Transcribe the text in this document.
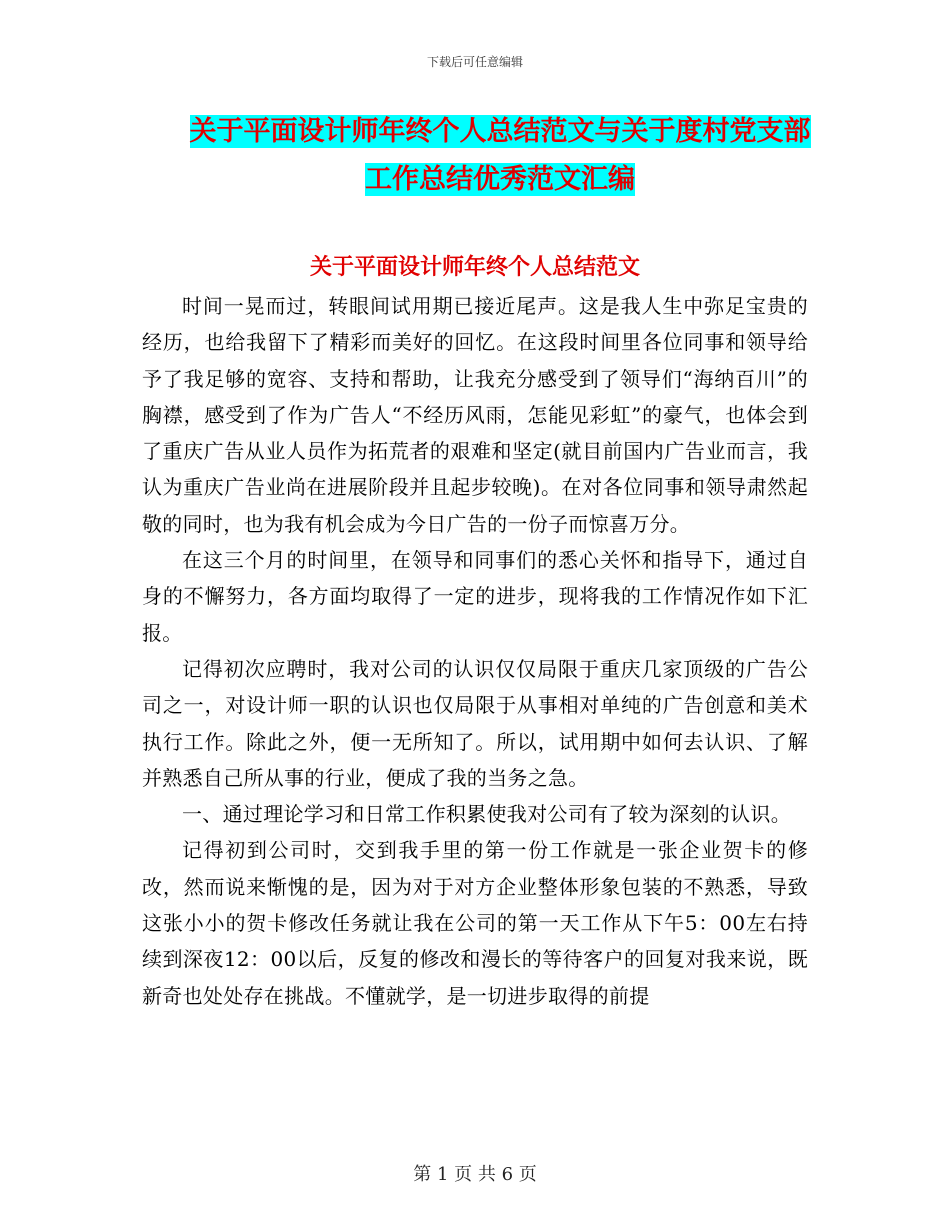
下载后可任意编辑
关于平面设计师年终个人总结范文与关于度村党支部
工作总结优秀范文汇编
关于平面设计师年终个人总结范文

时间一晃而过，转眼间试用期已接近尾声。这是我人生中弥足宝贵的经历，也给我留下了精彩而美好的回忆。在这段时间里各位同事和领导给予了我足够的宽容、支持和帮助，让我充分感受到了领导们“海纳百川”的胸襟，感受到了作为广告人“不经历风雨，怎能见彩虹”的豪气，也体会到了重庆广告从业人员作为拓荒者的艰难和坚定(就目前国内广告业而言，我认为重庆广告业尚在进展阶段并且起步较晚)。在对各位同事和领导肃然起敬的同时，也为我有机会成为今日广告的一份子而惊喜万分。

在这三个月的时间里，在领导和同事们的悉心关怀和指导下，通过自身的不懈努力，各方面均取得了一定的进步，现将我的工作情况作如下汇报。

记得初次应聘时，我对公司的认识仅仅局限于重庆几家顶级的广告公司之一，对设计师一职的认识也仅局限于从事相对单纯的广告创意和美术执行工作。除此之外，便一无所知了。所以，试用期中如何去认识、了解并熟悉自己所从事的行业，便成了我的当务之急。

一、通过理论学习和日常工作积累使我对公司有了较为深刻的认识。

记得初到公司时，交到我手里的第一份工作就是一张企业贺卡的修改，然而说来惭愧的是，因为对于对方企业整体形象包装的不熟悉，导致这张小小的贺卡修改任务就让我在公司的第一天工作从下午5：00左右持续到深夜12：00以后，反复的修改和漫长的等待客户的回复对我来说，既新奇也处处存在挑战。不懂就学，是一切进步取得的前提

第 1 页 共 6 页
